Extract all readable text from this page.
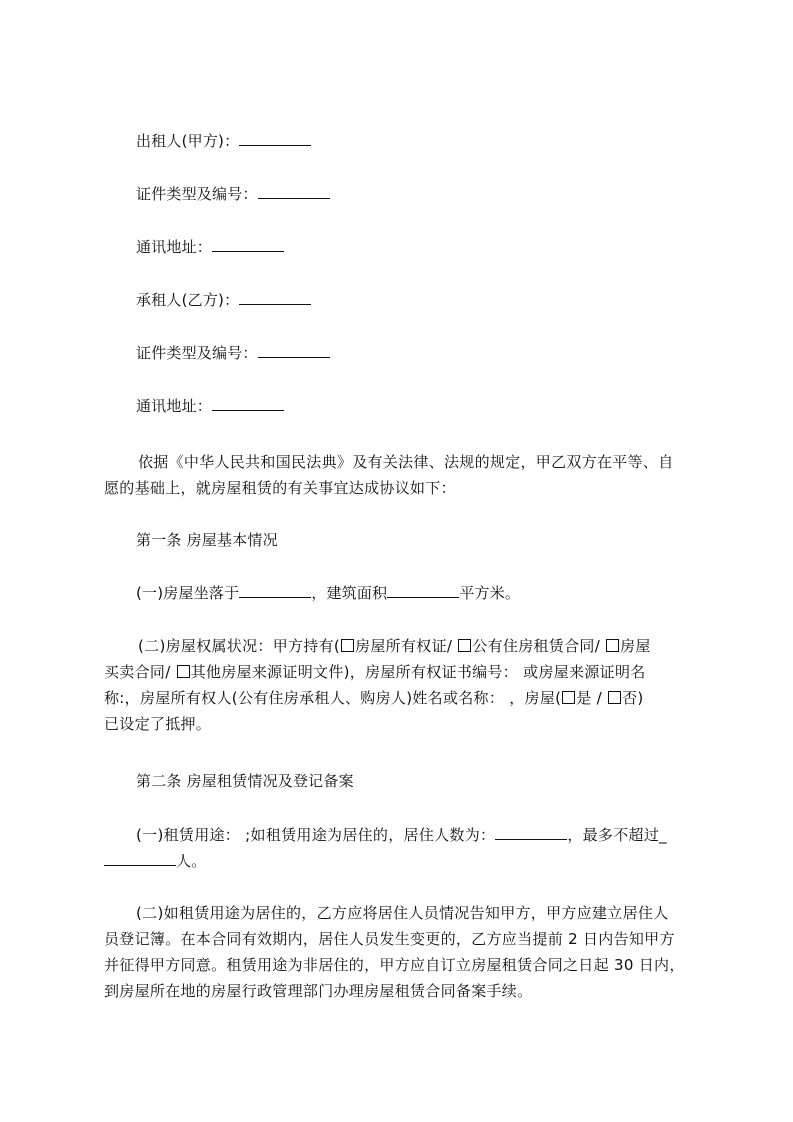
出租人(甲方)：
证件类型及编号：
通讯地址：
承租人(乙方)：
证件类型及编号：
通讯地址：
依据《中华人民共和国民法典》及有关法律、法规的规定，甲乙双方在平等、自
愿的基础上，就房屋租赁的有关事宜达成协议如下：
第一条 房屋基本情况
(一)房屋坐落于	，建筑面积	平方米。
(二)房屋权属状况：甲方持有( 房屋所有权证/ 公有住房租赁合同/ 房屋
买卖合同/ 其他房屋来源证明文件)，房屋所有权证书编号： 或房屋来源证明名
称:，房屋所有权人(公有住房承租人、购房人)姓名或名称： ，房屋( 是 / 否)
已设定了抵押。
第二条 房屋租赁情况及登记备案
(一)租赁用途： ;如租赁用途为居住的，居住人数为：	，最多不超过_
人。
(二)如租赁用途为居住的，乙方应将居住人员情况告知甲方，甲方应建立居住人
员登记簿。在本合同有效期内，居住人员发生变更的，乙方应当提前 2 日内告知甲方
并征得甲方同意。租赁用途为非居住的，甲方应自订立房屋租赁合同之日起 30 日内，
到房屋所在地的房屋行政管理部门办理房屋租赁合同备案手续。
